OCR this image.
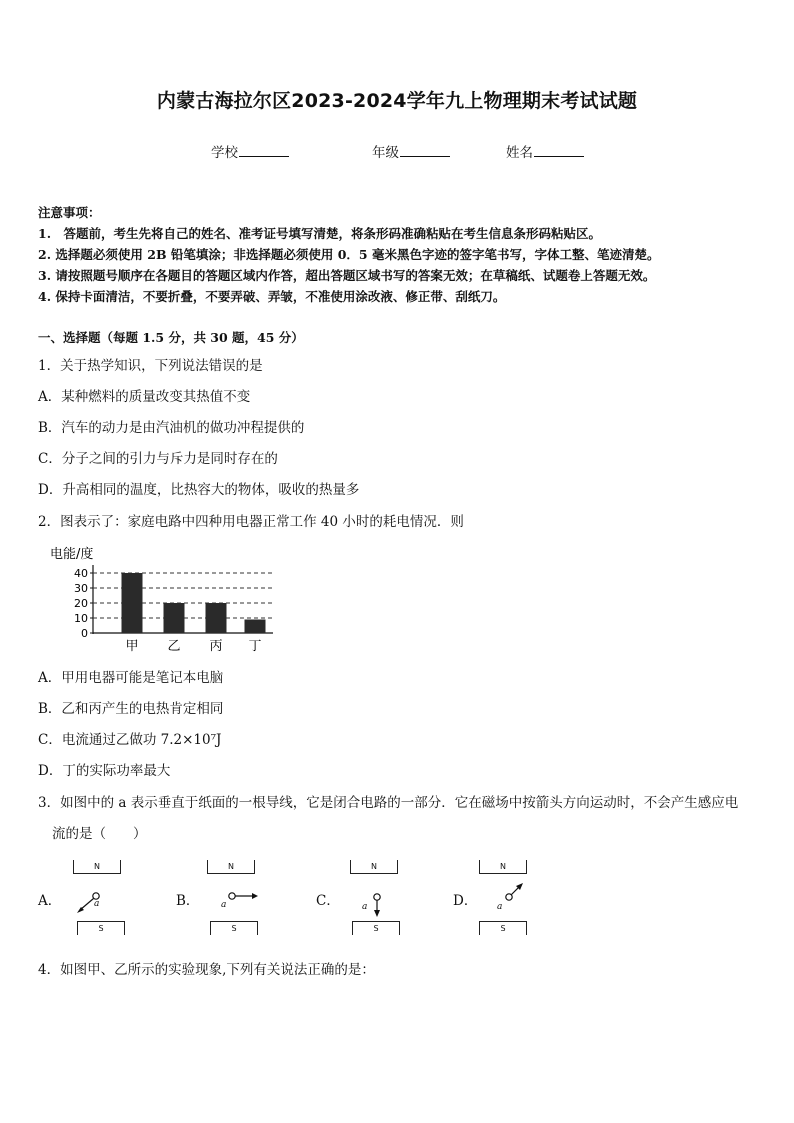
内蒙古海拉尔区2023-2024学年九上物理期末考试试题
学校	年级	姓名
注意事项：
1.　答题前，考生先将自己的姓名、准考证号填写清楚，将条形码准确粘贴在考生信息条形码粘贴区。
2. 选择题必须使用 2B 铅笔填涂；非选择题必须使用 0．5 毫米黑色字迹的签字笔书写，字体工整、笔迹清楚。
3. 请按照题号顺序在各题目的答题区域内作答，超出答题区域书写的答案无效；在草稿纸、试题卷上答题无效。
4. 保持卡面清洁，不要折叠，不要弄破、弄皱，不准使用涂改液、修正带、刮纸刀。
一、选择题（每题 1.5 分，共 30 题，45 分）
1．关于热学知识，下列说法错误的是
A．某种燃料的质量改变其热值不变
B．汽车的动力是由汽油机的做功冲程提供的
C．分子之间的引力与斥力是同时存在的
D．升高相同的温度，比热容大的物体，吸收的热量多
2．图表示了：家庭电路中四种用电器正常工作 40 小时的耗电情况．则
电能/度
0
10
20
30
40
甲 乙 丙 丁
A．甲用电器可能是笔记本电脑
B．乙和丙产生的电热肯定相同
C．电流通过乙做功 7.2×10⁷J
D．丁的实际功率最大
3．如图中的 a 表示垂直于纸面的一根导线，它是闭合电路的一部分．它在磁场中按箭头方向运动时，不会产生感应电
流的是（　　）
A．
N
S
a	B．
N
S
a	C．
N
S
a	D．
N
S
a
4．如图甲、乙所示的实验现象,下列有关说法正确的是：
